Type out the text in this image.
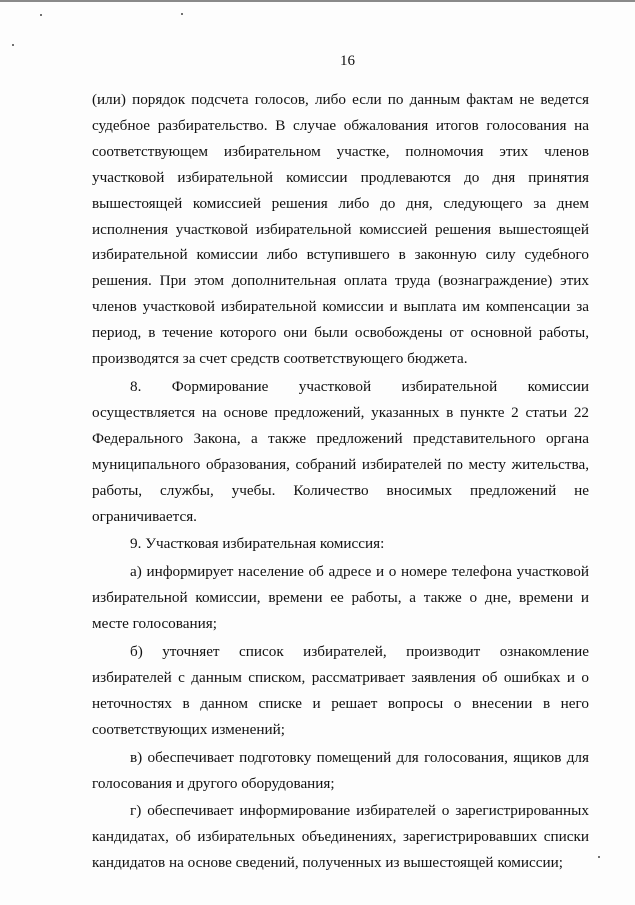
16

(или) порядок подсчета голосов, либо если по данным фактам не ведется судебное разбирательство. В случае обжалования итогов голосования на соответствующем избирательном участке, полномочия этих членов участковой избирательной комиссии продлеваются до дня принятия вышестоящей комиссией решения либо до дня, следующего за днем исполнения участковой избирательной комиссией решения вышестоящей избирательной комиссии либо вступившего в законную силу судебного решения. При этом дополнительная оплата труда (вознаграждение) этих членов участковой избирательной комиссии и выплата им компенсации за период, в течение которого они были освобождены от основной работы, производятся за счет средств соответствующего бюджета.

8. Формирование участковой избирательной комиссии осуществляется на основе предложений, указанных в пункте 2 статьи 22 Федерального Закона, а также предложений представительного органа муниципального образования, собраний избирателей по месту жительства, работы, службы, учебы. Количество вносимых предложений не ограничивается.

9. Участковая избирательная комиссия:

а) информирует население об адресе и о номере телефона участковой избирательной комиссии, времени ее работы, а также о дне, времени и месте голосования;

б) уточняет список избирателей, производит ознакомление избирателей с данным списком, рассматривает заявления об ошибках и о неточностях в данном списке и решает вопросы о внесении в него соответствующих изменений;

в) обеспечивает подготовку помещений для голосования, ящиков для голосования и другого оборудования;

г) обеспечивает информирование избирателей о зарегистрированных кандидатах, об избирательных объединениях, зарегистрировавших списки кандидатов на основе сведений, полученных из вышестоящей комиссии;
